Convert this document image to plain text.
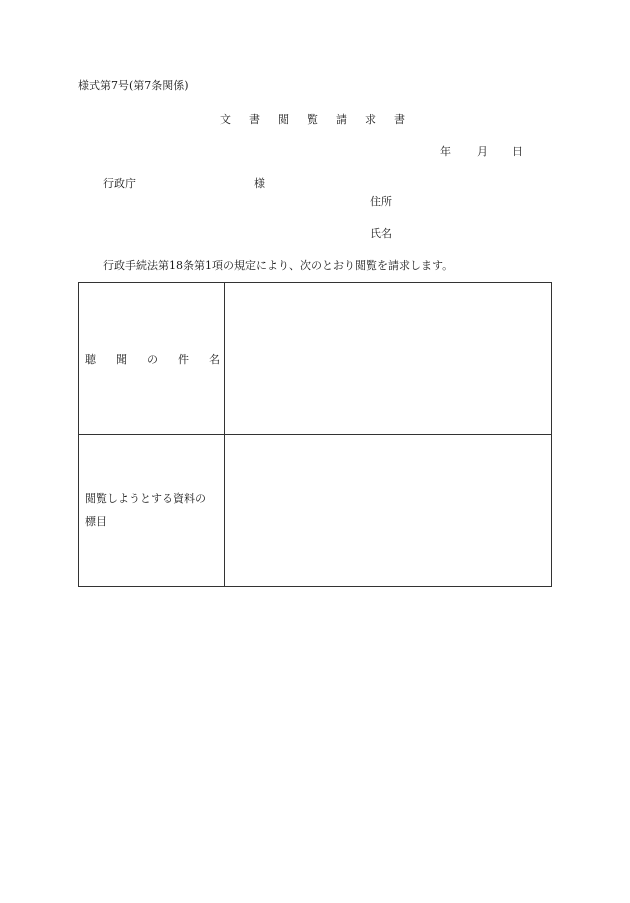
様式第7号(第7条関係)
文 書 閲 覧 請 求 書
年 月 日
行政庁	様
住所
氏名
行政手続法第18条第1項の規定により、次のとおり閲覧を請求します。
聴 聞 の 件 名
閲覧しようとする資料の
標目
